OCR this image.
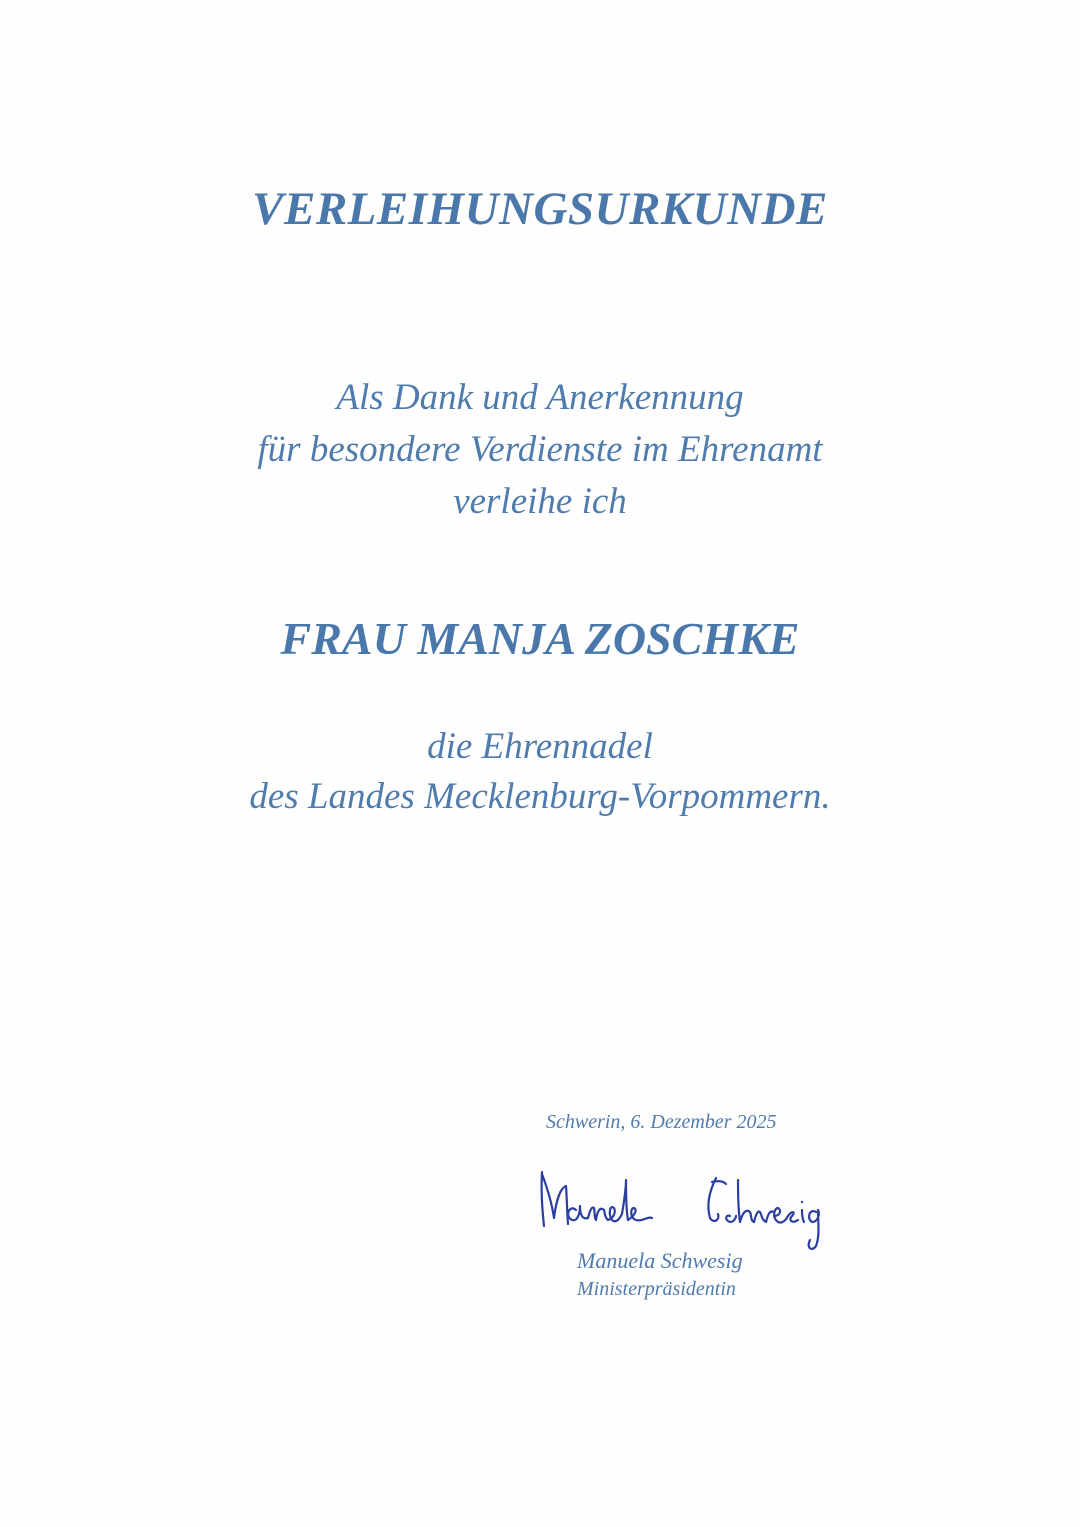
VERLEIHUNGSURKUNDE
Als Dank und Anerkennung
für besondere Verdienste im Ehrenamt
verleihe ich
FRAU MANJA ZOSCHKE
die Ehrennadel
des Landes Mecklenburg-Vorpommern.
Schwerin, 6. Dezember 2025
Manuela Schwesig
Ministerpräsidentin
